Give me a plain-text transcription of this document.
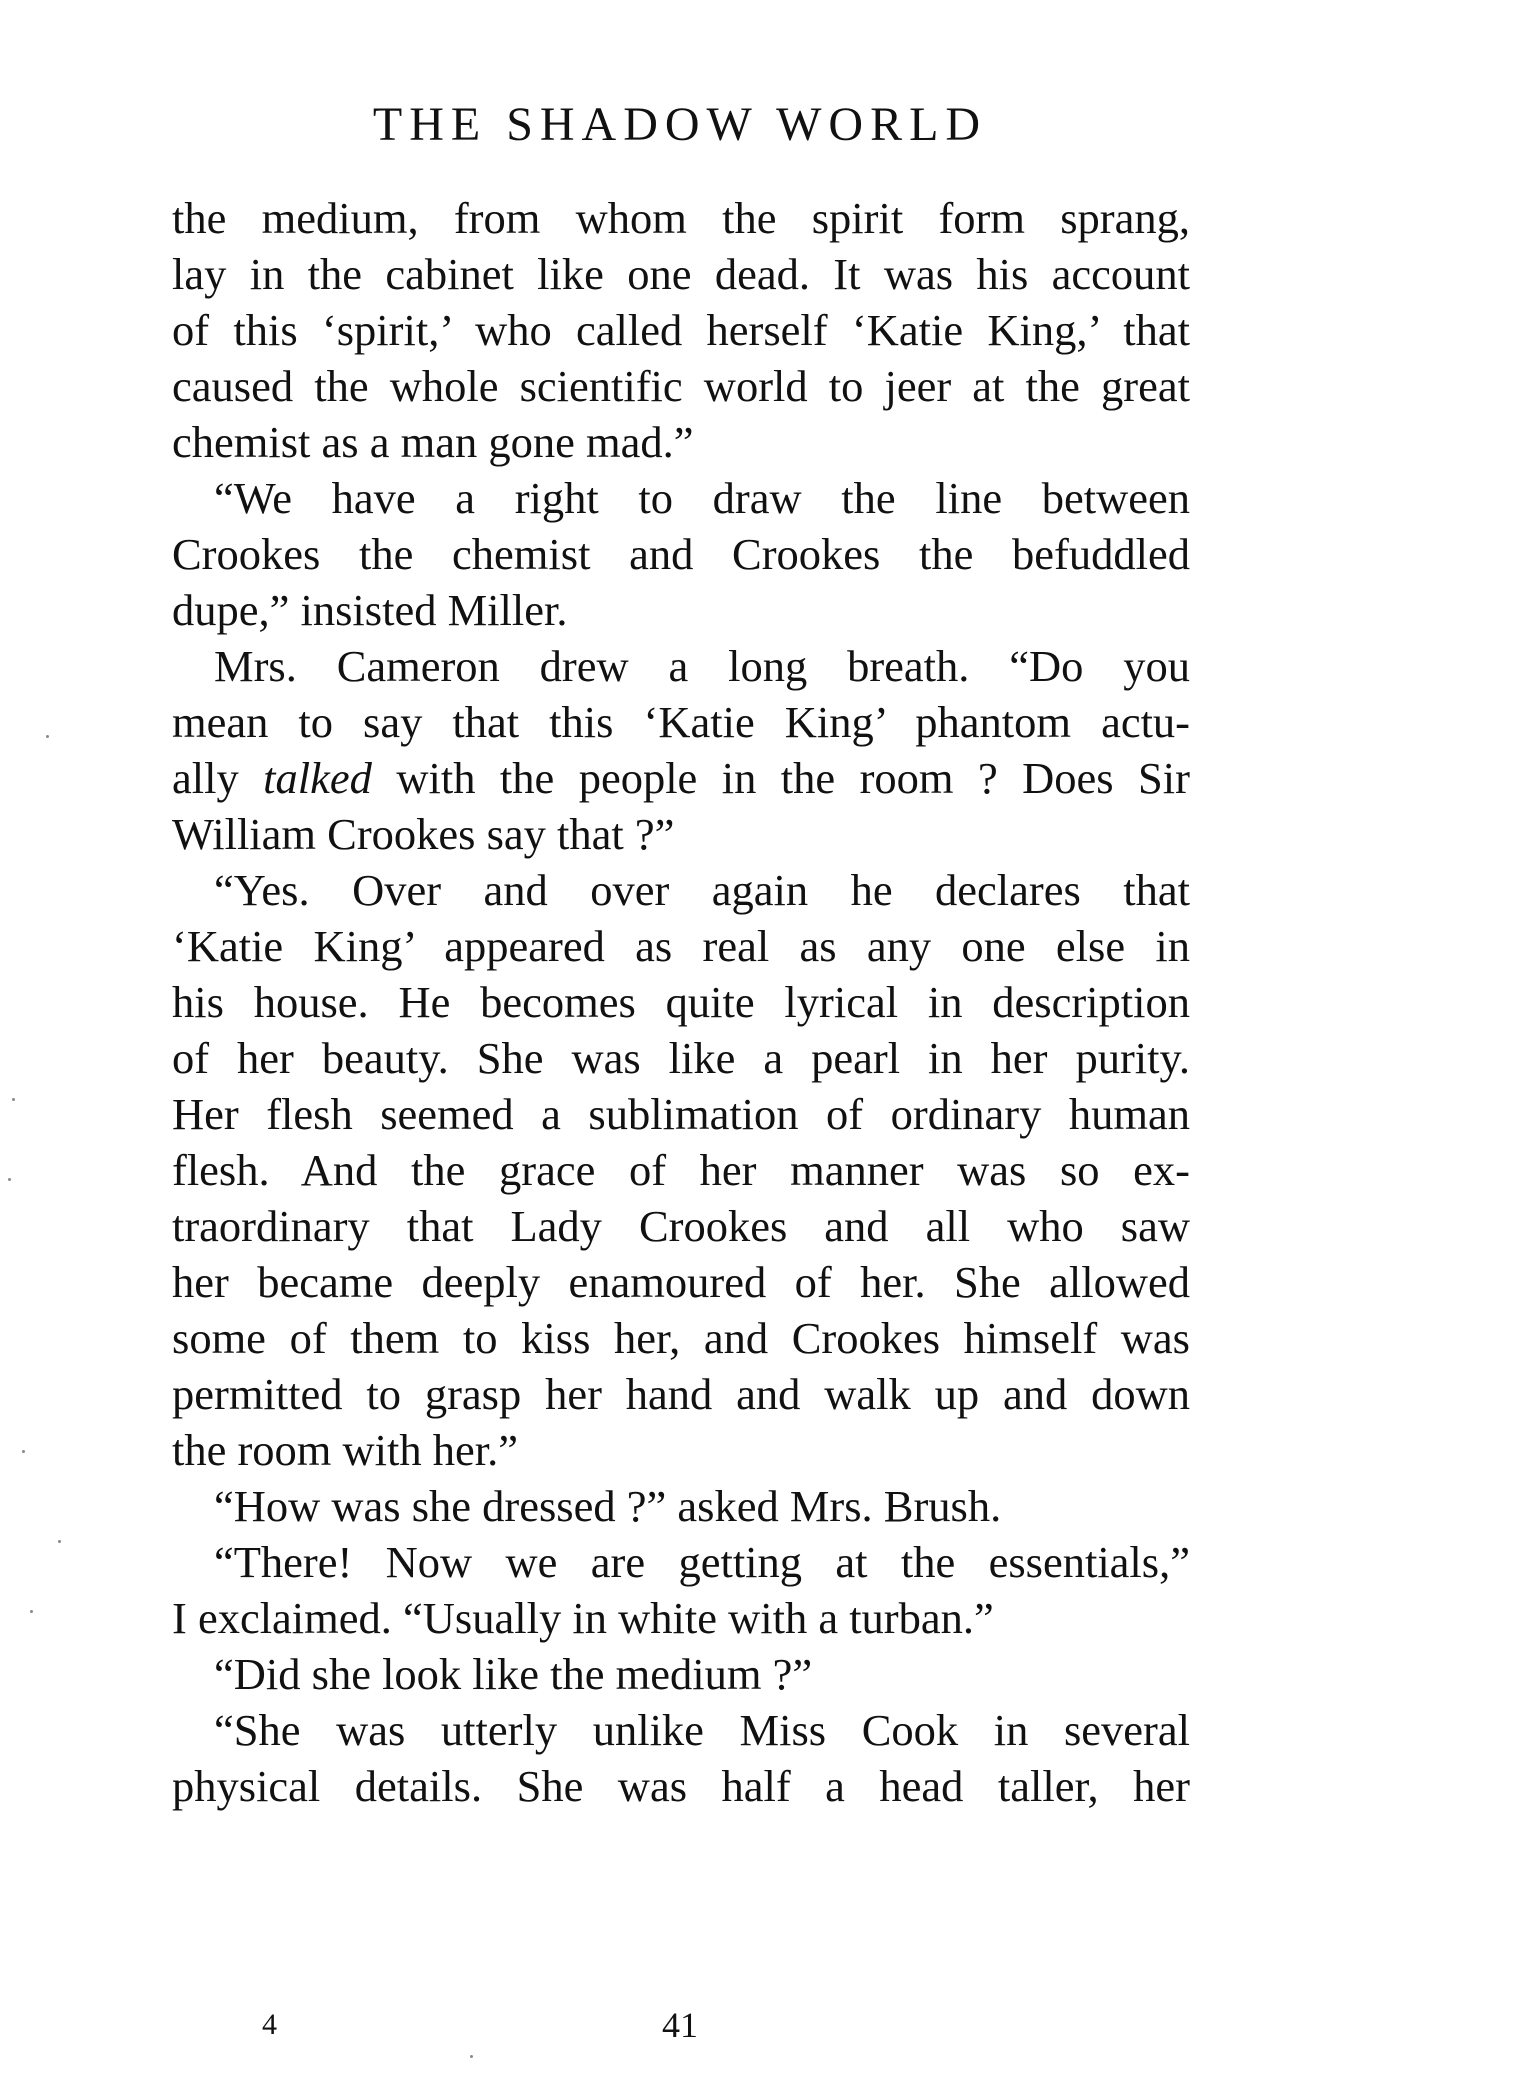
THE SHADOW WORLD

the medium, from whom the spirit form sprang,
lay in the cabinet like one dead. It was his account
of this ‘spirit,’ who called herself ‘Katie King,’ that
caused the whole scientific world to jeer at the great

chemist as a man gone mad.”

“We have a right to draw the line between

Crookes the chemist and Crookes the befuddled

dupe,” insisted Miller.

Mrs. Cameron drew a long breath. “Do you

mean to say that this ‘Katie King’ phantom actu-

ally talked with the people in the room ? Does Sir

William Crookes say that ?”

“Yes. Over and over again he declares that

‘Katie King’ appeared as real as any one else in

his house. He becomes quite lyrical in description

of her beauty. She was like a pearl in her purity.

Her flesh seemed a sublimation of ordinary human

flesh. And the grace of her manner was so ex-

traordinary that Lady Crookes and all who saw

her became deeply enamoured of her. She allowed

some of them to kiss her, and Crookes himself was

permitted to grasp her hand and walk up and down

the room with her.”

“How was she dressed ?” asked Mrs. Brush.

“There! Now we are getting at the essentials,”

I exclaimed. “Usually in white with a turban.”

“Did she look like the medium ?”

“She was utterly unlike Miss Cook in several

physical details. She was half a head taller, her

4	41
